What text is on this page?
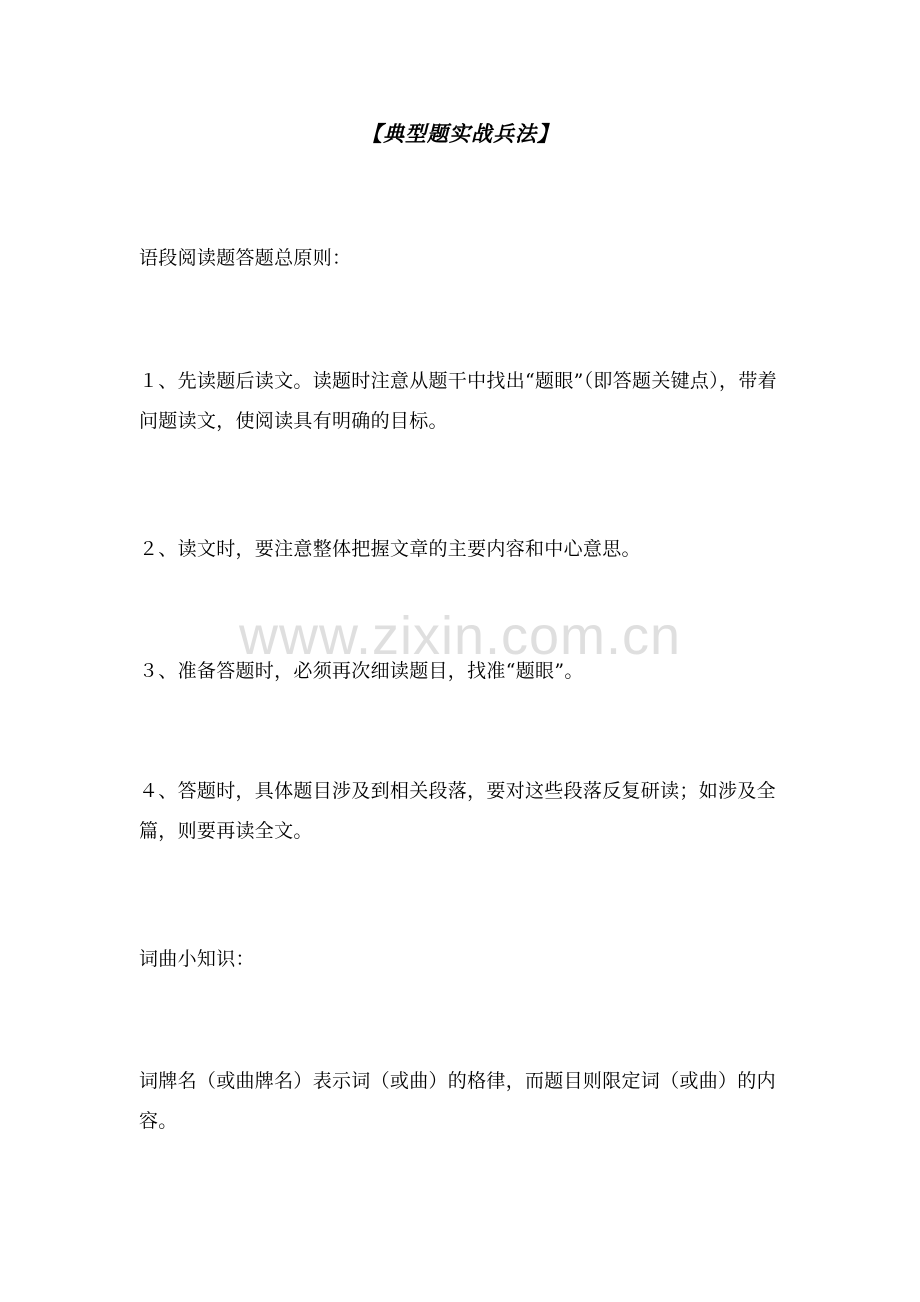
【典型题实战兵法】
语段阅读题答题总原则：
１、先读题后读文。读题时注意从题干中找出“题眼”（即答题关键点），带着问题读文，使阅读具有明确的目标。
２、读文时，要注意整体把握文章的主要内容和中心意思。
３、准备答题时，必须再次细读题目，找准“题眼”。
４、答题时，具体题目涉及到相关段落，要对这些段落反复研读；如涉及全篇，则要再读全文。
词曲小知识：
词牌名（或曲牌名）表示词（或曲）的格律，而题目则限定词（或曲）的内容。
www.zixin.com.cn
